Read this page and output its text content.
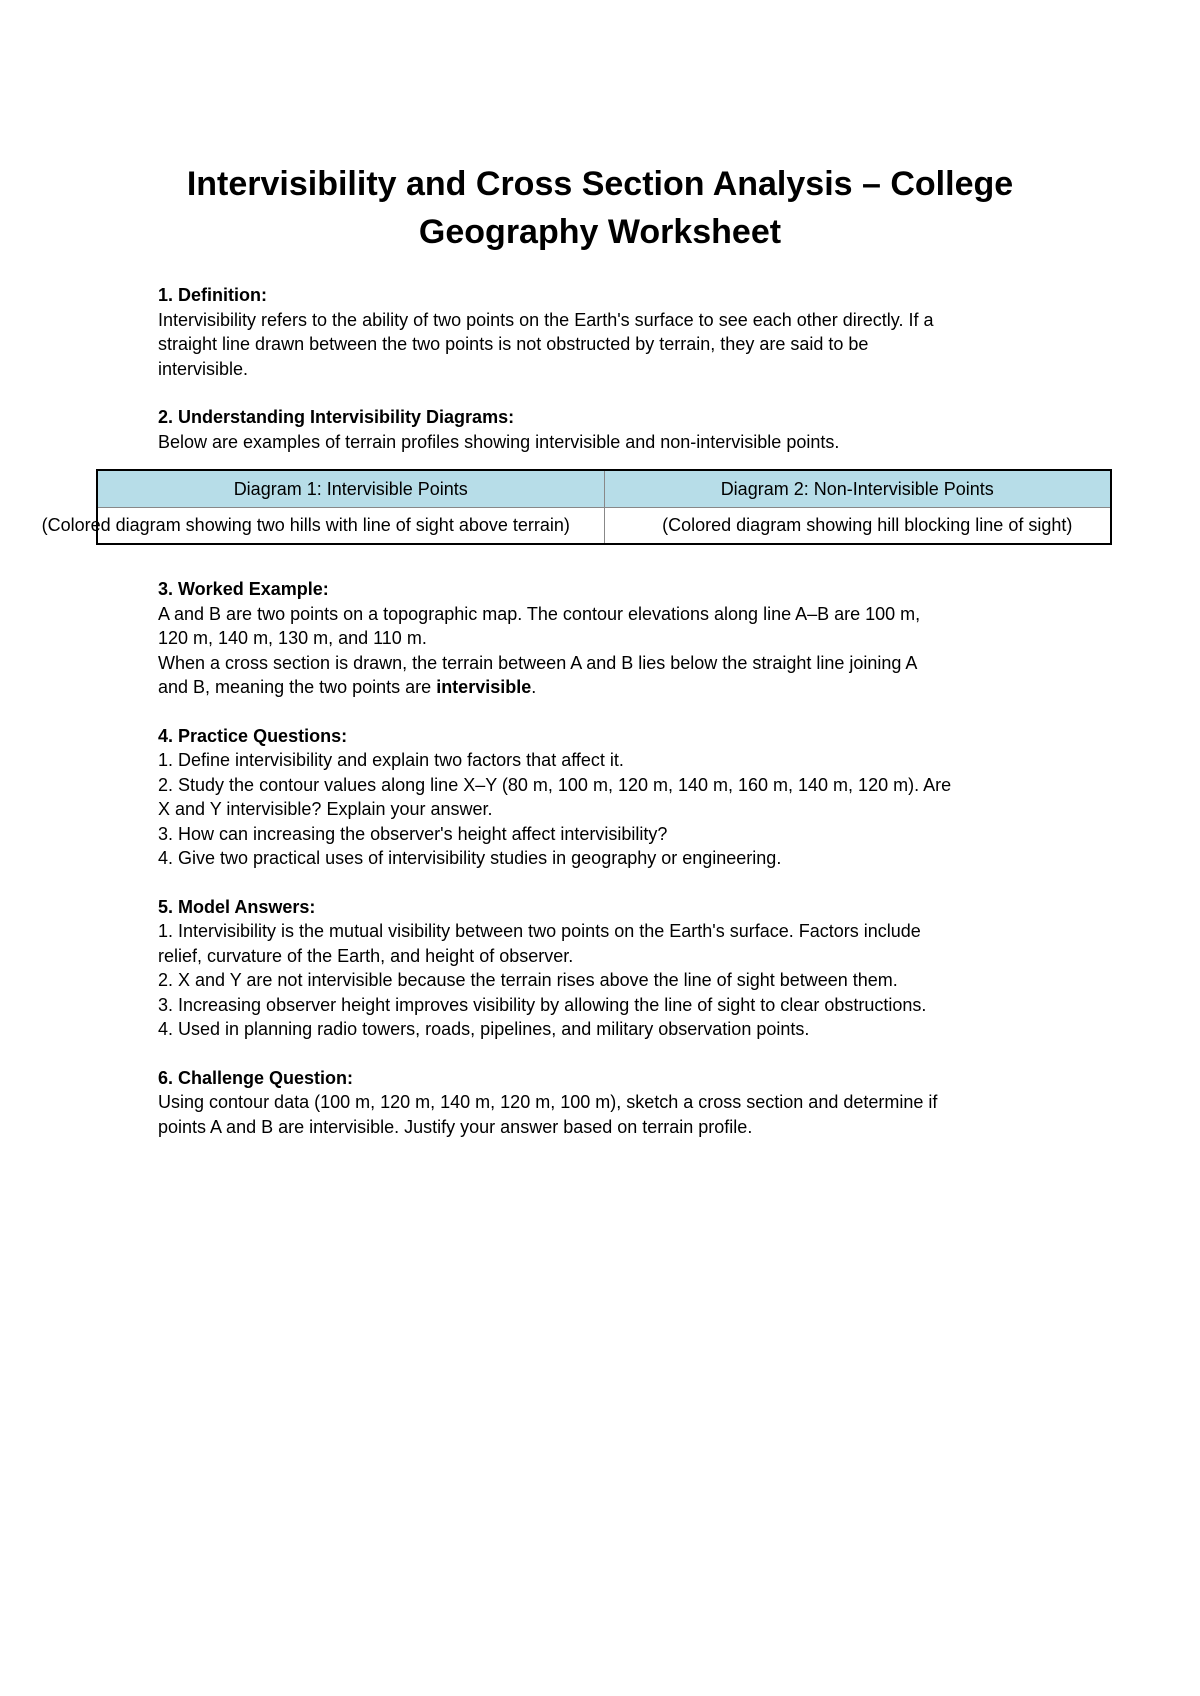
Intervisibility and Cross Section Analysis – College Geography Worksheet
1. Definition:
Intervisibility refers to the ability of two points on the Earth's surface to see each other directly. If a
straight line drawn between the two points is not obstructed by terrain, they are said to be
intervisible.
2. Understanding Intervisibility Diagrams:
Below are examples of terrain profiles showing intervisible and non-intervisible points.
3. Worked Example:
A and B are two points on a topographic map. The contour elevations along line A–B are 100 m,
120 m, 140 m, 130 m, and 110 m.
When a cross section is drawn, the terrain between A and B lies below the straight line joining A
and B, meaning the two points are intervisible.
4. Practice Questions:
1. Define intervisibility and explain two factors that affect it.
2. Study the contour values along line X–Y (80 m, 100 m, 120 m, 140 m, 160 m, 140 m, 120 m). Are
X and Y intervisible? Explain your answer.
3. How can increasing the observer's height affect intervisibility?
4. Give two practical uses of intervisibility studies in geography or engineering.
5. Model Answers:
1. Intervisibility is the mutual visibility between two points on the Earth's surface. Factors include
relief, curvature of the Earth, and height of observer.
2. X and Y are not intervisible because the terrain rises above the line of sight between them.
3. Increasing observer height improves visibility by allowing the line of sight to clear obstructions.
4. Used in planning radio towers, roads, pipelines, and military observation points.
6. Challenge Question:
Using contour data (100 m, 120 m, 140 m, 120 m, 100 m), sketch a cross section and determine if
points A and B are intervisible. Justify your answer based on terrain profile.
Diagram 1: Intervisible Points	Diagram 2: Non-Intervisible Points
(Colored diagram showing two hills with line of sight above terrain)	(Colored diagram showing hill blocking line of sight)
